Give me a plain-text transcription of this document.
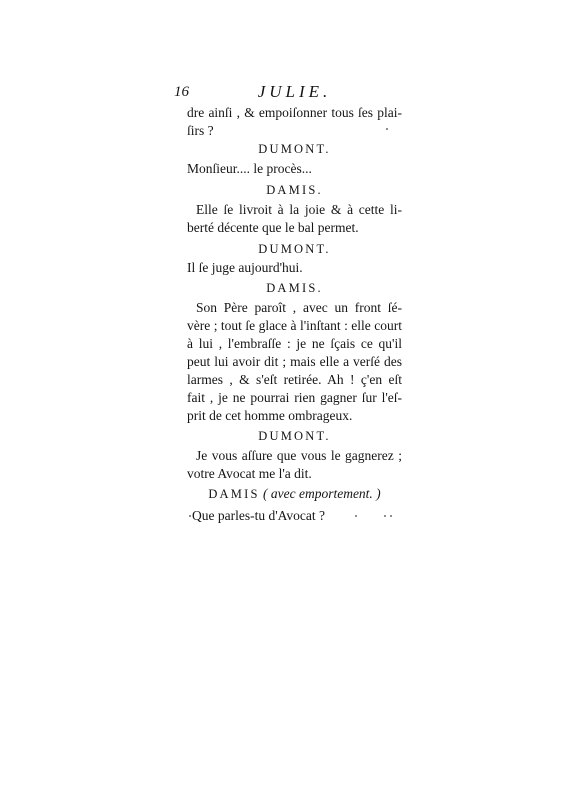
16	JULIE.
dre ainſi , & empoiſonner tous ſes plai-
ſirs ?
DUMONT.
Monſieur.... le procès...
DAMIS.
Elle ſe livroit à la joie & à cette li-
berté décente que le bal permet.
DUMONT.
Il ſe juge aujourd'hui.
DAMIS.
Son Père paroît , avec un front ſé-
vère ; tout ſe glace à l'inſtant : elle court
à lui , l'embraſſe : je ne ſçais ce qu'il
peut lui avoir dit ; mais elle a verſé des
larmes , & s'eſt retirée. Ah ! ç'en eſt
fait , je ne pourrai rien gagner ſur l'eſ-
prit de cet homme ombrageux.
DUMONT.
Je vous aſſure que vous le gagnerez ;
votre Avocat me l'a dit.
DAMIS ( avec emportement. )
Que parles-tu d'Avocat ?
